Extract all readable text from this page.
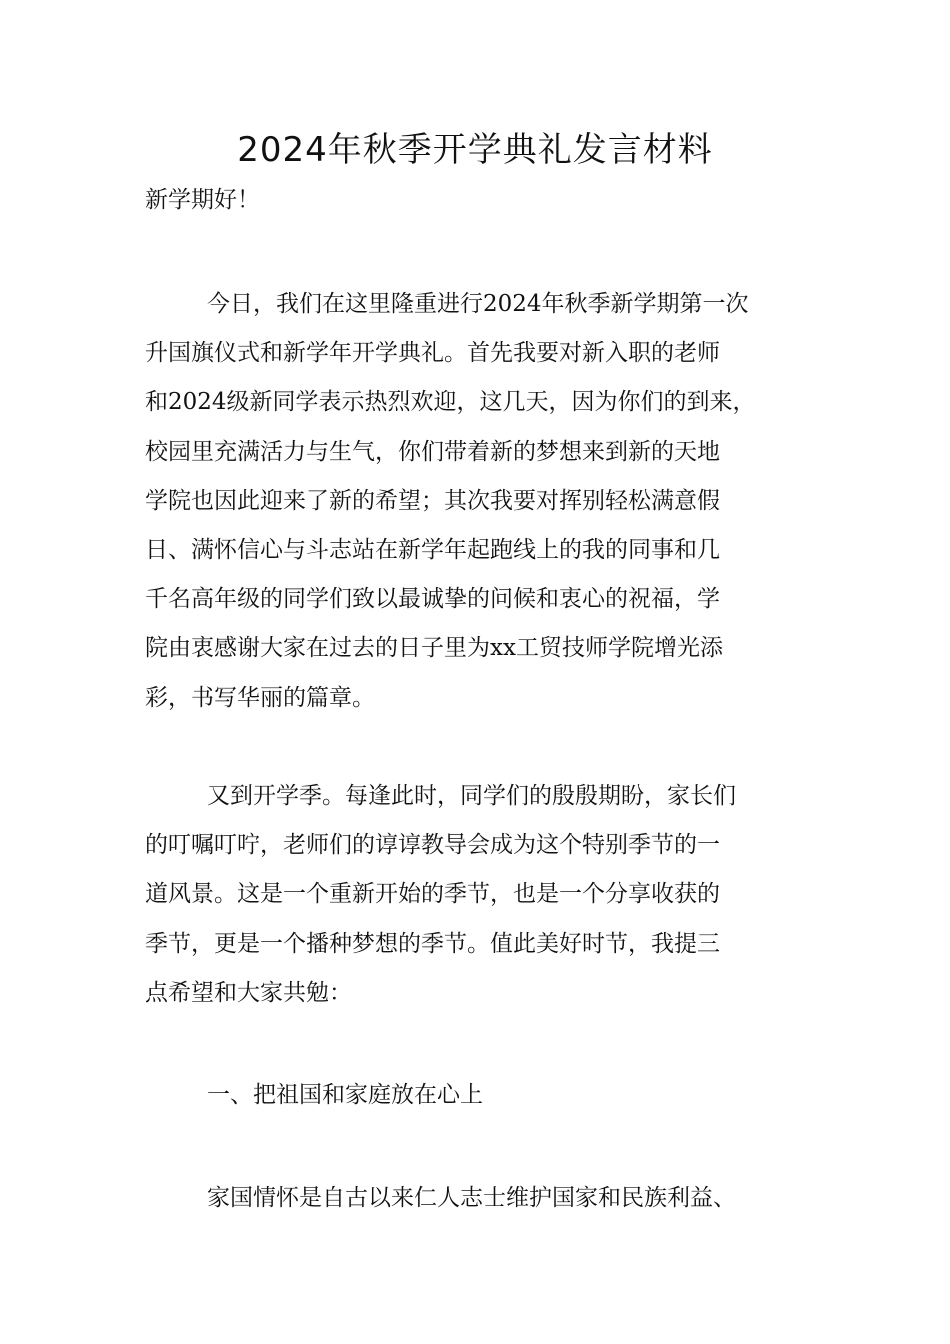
2024年秋季开学典礼发言材料
新学期好！
今日，我们在这里隆重进行2024年秋季新学期第一次
升国旗仪式和新学年开学典礼。首先我要对新入职的老师
和2024级新同学表示热烈欢迎，这几天，因为你们的到来，
校园里充满活力与生气，你们带着新的梦想来到新的天地
学院也因此迎来了新的希望；其次我要对挥别轻松满意假
日、满怀信心与斗志站在新学年起跑线上的我的同事和几
千名高年级的同学们致以最诚挚的问候和衷心的祝福，学
院由衷感谢大家在过去的日子里为xx工贸技师学院增光添
彩，书写华丽的篇章。
又到开学季。每逢此时，同学们的殷殷期盼，家长们
的叮嘱叮咛，老师们的谆谆教导会成为这个特别季节的一
道风景。这是一个重新开始的季节，也是一个分享收获的
季节，更是一个播种梦想的季节。值此美好时节，我提三
点希望和大家共勉：
一、把祖国和家庭放在心上
家国情怀是自古以来仁人志士维护国家和民族利益、
